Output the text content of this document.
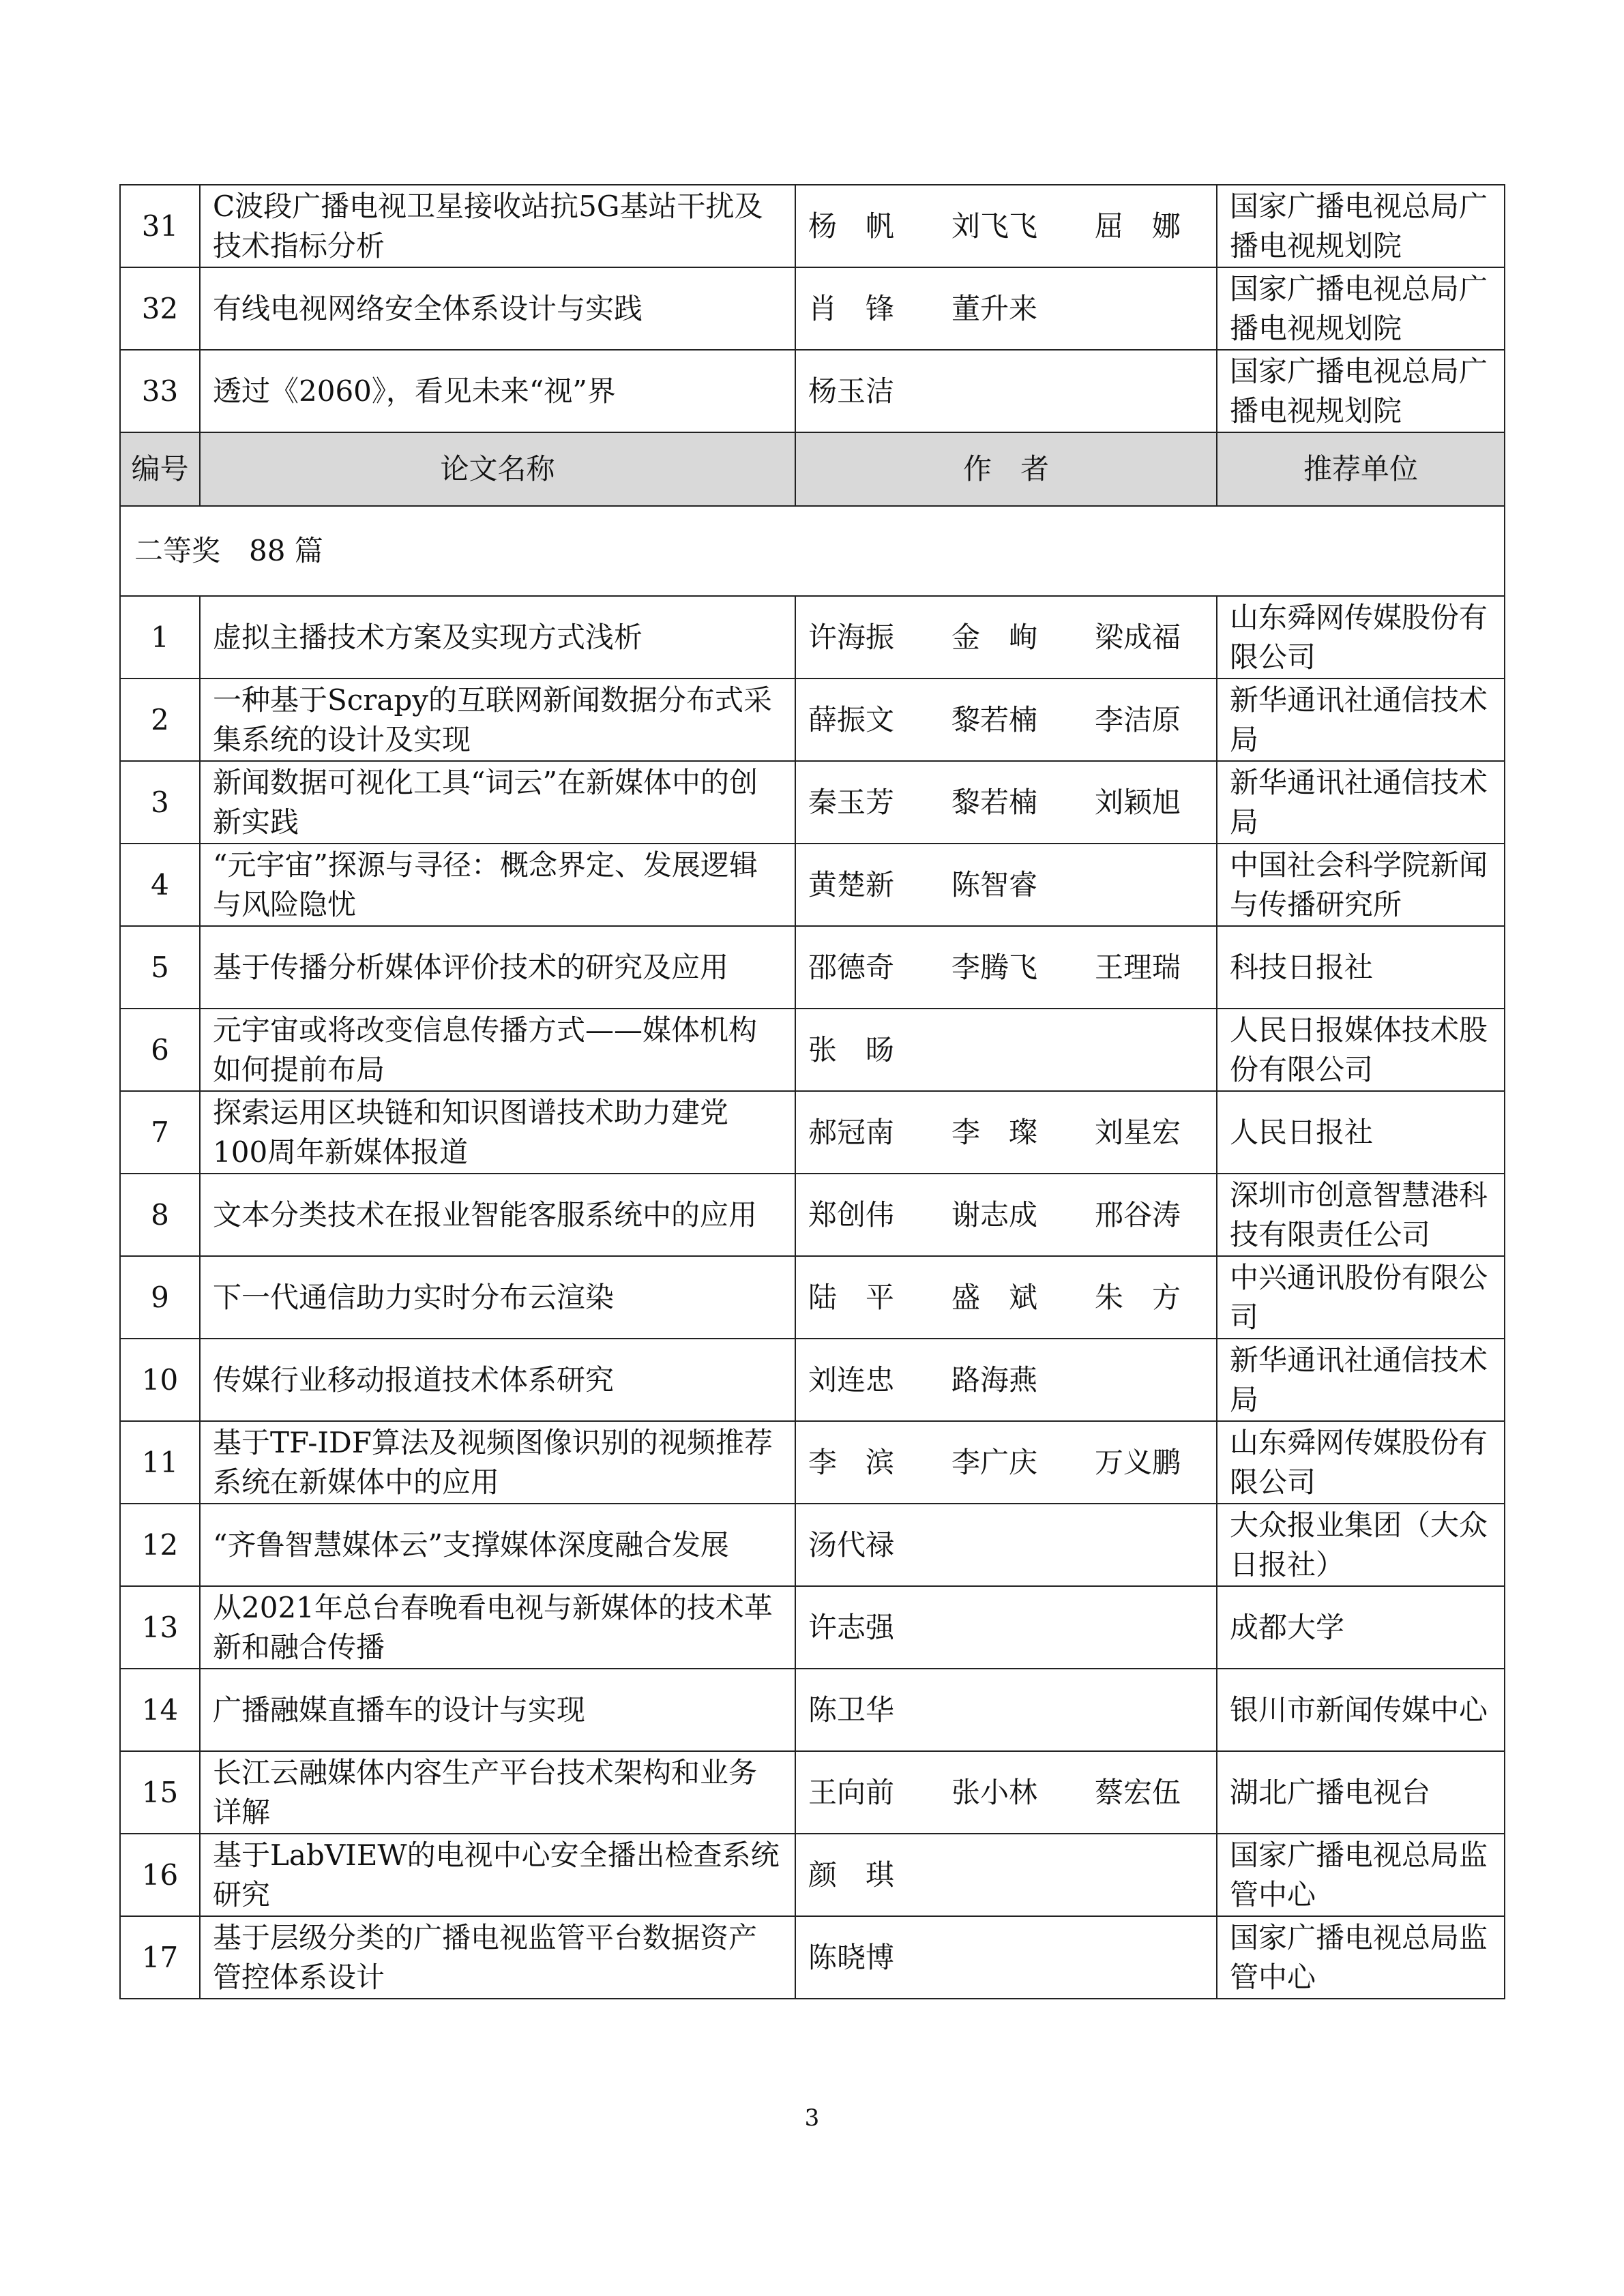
31	C波段广播电视卫星接收站抗5G基站干扰及技术指标分析	杨　帆　　刘飞飞　　屈　娜	国家广播电视总局广播电视规划院
32	有线电视网络安全体系设计与实践	肖　锋　　董升来	国家广播电视总局广播电视规划院
33	透过《2060》，看见未来“视”界	杨玉洁	国家广播电视总局广播电视规划院
编号	论文名称	作　者	推荐单位
二等奖　88 篇			
1	虚拟主播技术方案及实现方式浅析	许海振　　金　峋　　梁成福	山东舜网传媒股份有限公司
2	一种基于Scrapy的互联网新闻数据分布式采集系统的设计及实现	薛振文　　黎若楠　　李洁原	新华通讯社通信技术局
3	新闻数据可视化工具“词云”在新媒体中的创新实践	秦玉芳　　黎若楠　　刘颖旭	新华通讯社通信技术局
4	“元宇宙”探源与寻径：概念界定、发展逻辑与风险隐忧	黄楚新　　陈智睿	中国社会科学院新闻与传播研究所
5	基于传播分析媒体评价技术的研究及应用	邵德奇　　李腾飞　　王理瑞	科技日报社
6	元宇宙或将改变信息传播方式——媒体机构如何提前布局	张　旸	人民日报媒体技术股份有限公司
7	探索运用区块链和知识图谱技术助力建党100周年新媒体报道	郝冠南　　李　璨　　刘星宏	人民日报社
8	文本分类技术在报业智能客服系统中的应用	郑创伟　　谢志成　　邢谷涛	深圳市创意智慧港科技有限责任公司
9	下一代通信助力实时分布云渲染	陆　平　　盛　斌　　朱　方	中兴通讯股份有限公司
10	传媒行业移动报道技术体系研究	刘连忠　　路海燕	新华通讯社通信技术局
11	基于TF-IDF算法及视频图像识别的视频推荐系统在新媒体中的应用	李　滨　　李广庆　　万义鹏	山东舜网传媒股份有限公司
12	“齐鲁智慧媒体云”支撑媒体深度融合发展	汤代禄	大众报业集团（大众日报社）
13	从2021年总台春晚看电视与新媒体的技术革新和融合传播	许志强	成都大学
14	广播融媒直播车的设计与实现	陈卫华	银川市新闻传媒中心
15	长江云融媒体内容生产平台技术架构和业务详解	王向前　　张小林　　蔡宏伍	湖北广播电视台
16	基于LabVIEW的电视中心安全播出检查系统研究	颜　琪	国家广播电视总局监管中心
17	基于层级分类的广播电视监管平台数据资产管控体系设计	陈晓博	国家广播电视总局监管中心
3
